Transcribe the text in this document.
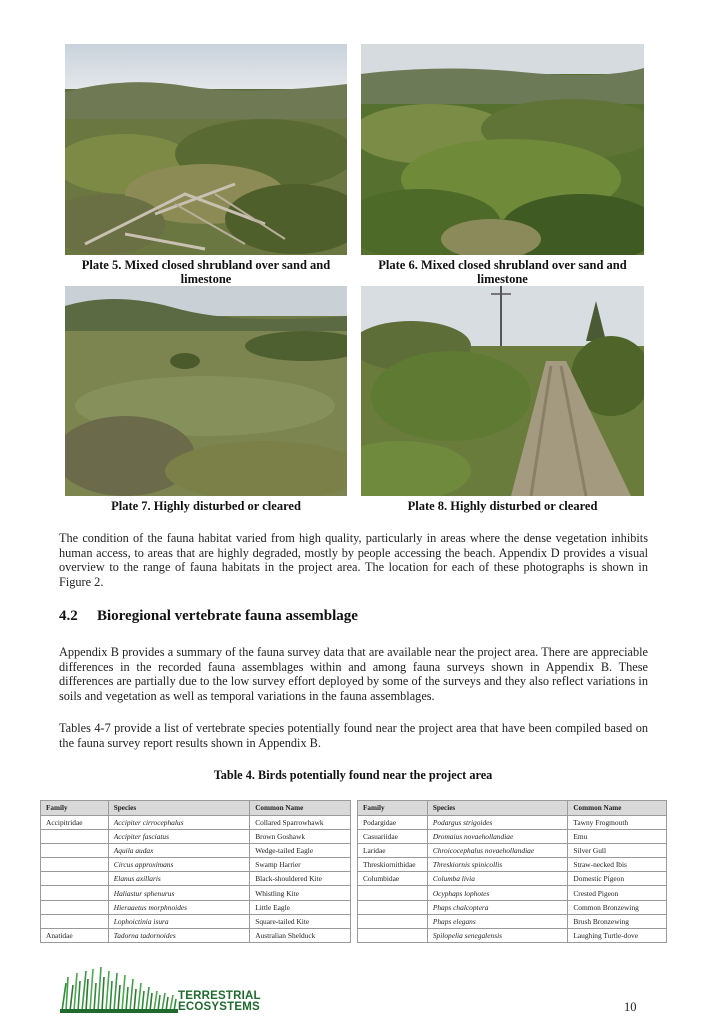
Plate 5. Mixed closed shrubland over sand and
limestone
Plate 6. Mixed closed shrubland over sand and
limestone
Plate 7. Highly disturbed or cleared	Plate 8. Highly disturbed or cleared
The condition of the fauna habitat varied from high quality, particularly in areas where the dense vegetation inhibits human access, to areas that are highly degraded, mostly by people accessing the beach. Appendix D provides a visual overview to the range of fauna habitats in the project area. The location for each of these photographs is shown in Figure 2.
4.2 Bioregional vertebrate fauna assemblage
Appendix B provides a summary of the fauna survey data that are available near the project area. There are appreciable differences in the recorded fauna assemblages within and among fauna surveys shown in Appendix B. These differences are partially due to the low survey effort deployed by some of the surveys and they also reflect variations in soils and vegetation as well as temporal variations in the fauna assemblages.
Tables 4-7 provide a list of vertebrate species potentially found near the project area that have been compiled based on the fauna survey report results shown in Appendix B.
Table 4. Birds potentially found near the project area
Family	Species	Common Name
Accipitridae	Accipiter cirrocephalus	Collared Sparrowhawk
	Accipiter fasciatus	Brown Goshawk
	Aquila audax	Wedge-tailed Eagle
	Circus approximans	Swamp Harrier
	Elanus axillaris	Black-shouldered Kite
	Haliastur sphenurus	Whistling Kite
	Hieraaetus morphnoides	Little Eagle
	Lophoictinia isura	Square-tailed Kite
Anatidae	Tadorna tadornoides	Australian Shelduck
Family	Species	Common Name
Podargidae	Podargus strigoides	Tawny Frogmouth
Casuariidae	Dromaius novaehollandiae	Emu
Laridae	Chroicocephalus novaehollandiae	Silver Gull
Threskiornithidae	Threskiornis spinicollis	Straw-necked Ibis
Columbidae	Columba livia	Domestic Pigeon
	Ocyphaps lophotes	Crested Pigeon
	Phaps chalcoptera	Common Bronzewing
	Phaps elegans	Brush Bronzewing
	Spilopelia senegalensis	Laughing Turtle-dove
TERRESTRIAL
ECOSYSTEMS	10
